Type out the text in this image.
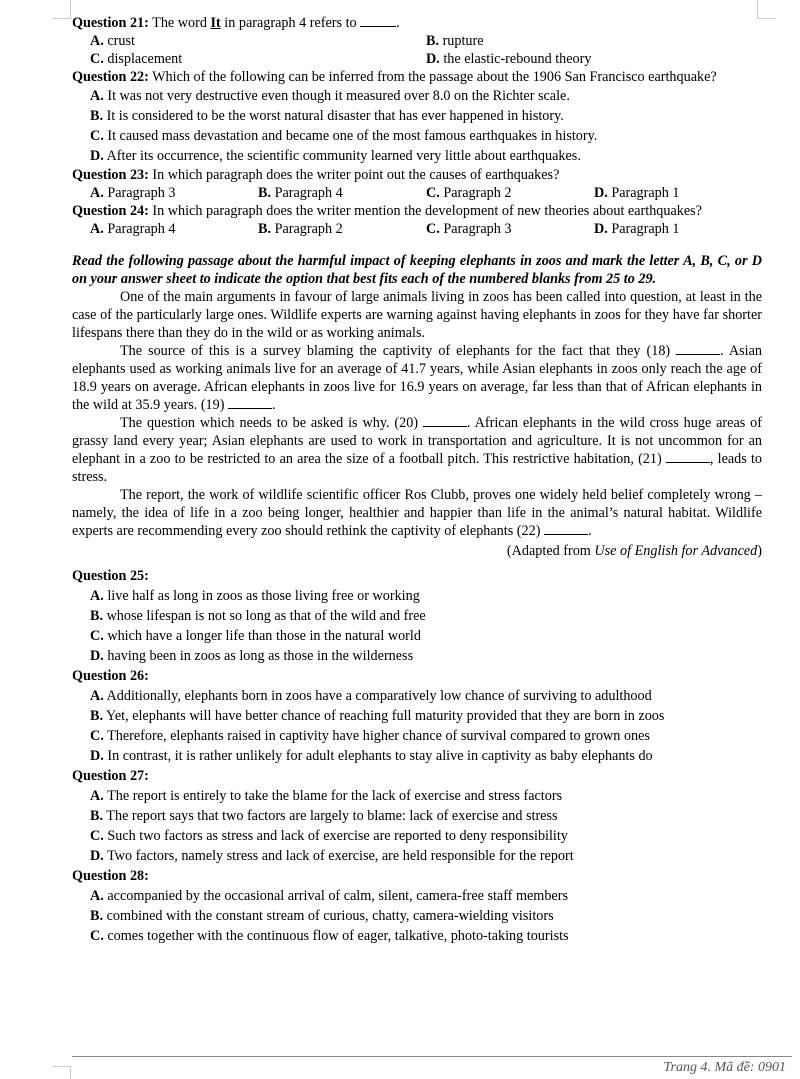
Question 21: The word It in paragraph 4 refers to	.

A. crust	B. rupture
C. displacement	D. the elastic-rebound theory

Question 22: Which of the following can be inferred from the passage about the 1906 San Francisco earthquake?

A. It was not very destructive even though it measured over 8.0 on the Richter scale.

B. It is considered to be the worst natural disaster that has ever happened in history.

C. It caused mass devastation and became one of the most famous earthquakes in history.

D. After its occurrence, the scientific community learned very little about earthquakes.

Question 23: In which paragraph does the writer point out the causes of earthquakes?

A. Paragraph 3	B. Paragraph 4	C. Paragraph 2	D. Paragraph 1

Question 24: In which paragraph does the writer mention the development of new theories about earthquakes?

A. Paragraph 4	B. Paragraph 2	C. Paragraph 3	D. Paragraph 1

Read the following passage about the harmful impact of keeping elephants in zoos and mark the letter A, B, C, or D on your answer sheet to indicate the option that best fits each of the numbered blanks from 25 to 29.

One of the main arguments in favour of large animals living in zoos has been called into question, at least in the case of the particularly large ones. Wildlife experts are warning against having elephants in zoos for they have far shorter lifespans there than they do in the wild or as working animals.

The source of this is a survey blaming the captivity of elephants for the fact that they (18)	. Asian elephants used as working animals live for an average of 41.7 years, while Asian elephants in zoos only reach the age of 18.9 years on average. African elephants in zoos live for 16.9 years on average, far less than that of African elephants in the wild at 35.9 years. (19)	.

The question which needs to be asked is why. (20)	. African elephants in the wild cross huge areas of grassy land every year; Asian elephants are used to work in transportation and agriculture. It is not uncommon for an elephant in a zoo to be restricted to an area the size of a football pitch. This restrictive habitation, (21)	, leads to stress.

The report, the work of wildlife scientific officer Ros Clubb, proves one widely held belief completely wrong – namely, the idea of life in a zoo being longer, healthier and happier than life in the animal’s natural habitat. Wildlife experts are recommending every zoo should rethink the captivity of elephants (22)	.

(Adapted from Use of English for Advanced)

Question 25:

A. live half as long in zoos as those living free or working

B. whose lifespan is not so long as that of the wild and free

C. which have a longer life than those in the natural world

D. having been in zoos as long as those in the wilderness

Question 26:

A. Additionally, elephants born in zoos have a comparatively low chance of surviving to adulthood

B. Yet, elephants will have better chance of reaching full maturity provided that they are born in zoos

C. Therefore, elephants raised in captivity have higher chance of survival compared to grown ones

D. In contrast, it is rather unlikely for adult elephants to stay alive in captivity as baby elephants do

Question 27:

A. The report is entirely to take the blame for the lack of exercise and stress factors

B. The report says that two factors are largely to blame: lack of exercise and stress

C. Such two factors as stress and lack of exercise are reported to deny responsibility

D. Two factors, namely stress and lack of exercise, are held responsible for the report

Question 28:

A. accompanied by the occasional arrival of calm, silent, camera-free staff members

B. combined with the constant stream of curious, chatty, camera-wielding visitors

C. comes together with the continuous flow of eager, talkative, photo-taking tourists

Trang 4. Mã đề: 0901
